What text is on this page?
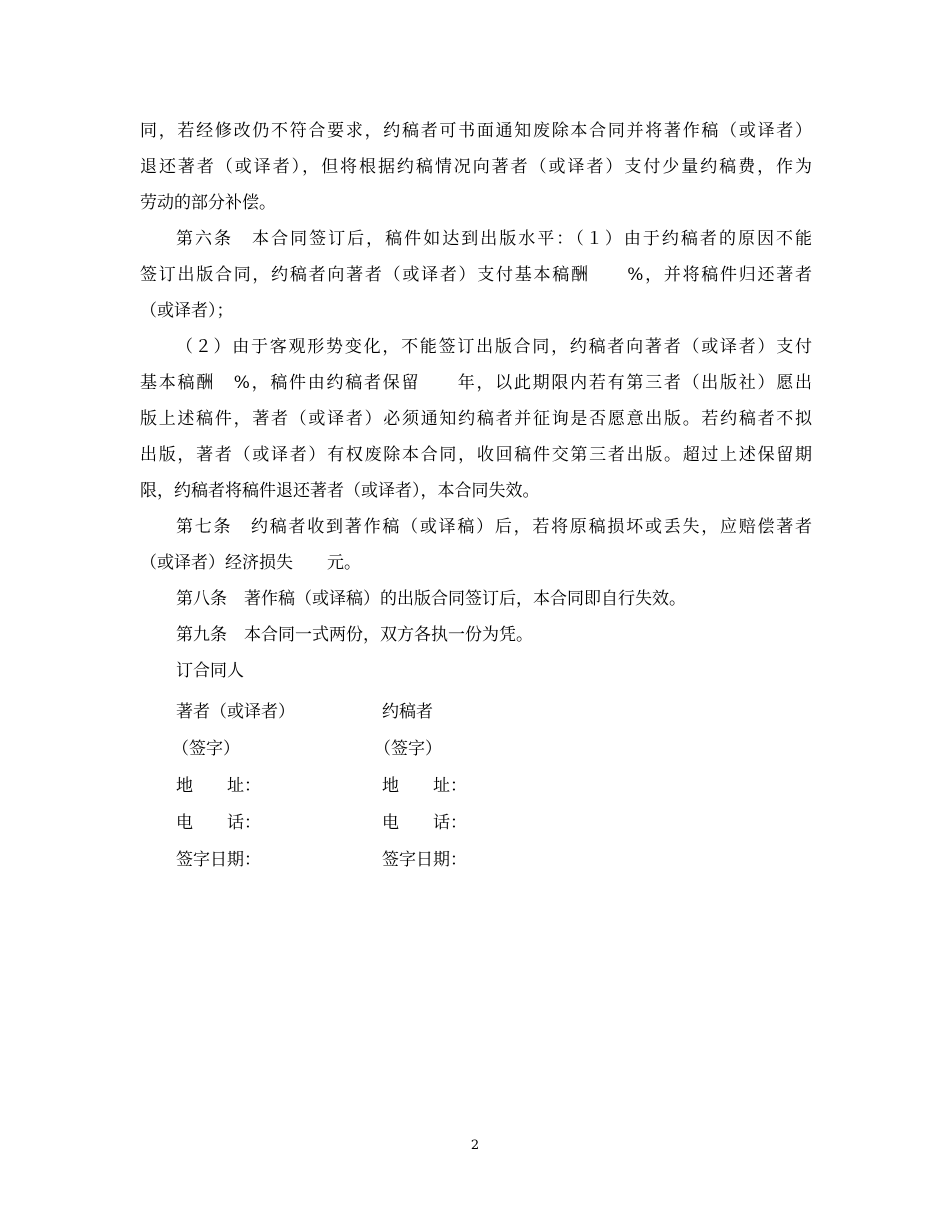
同，若经修改仍不符合要求，约稿者可书面通知废除本合同并将著作稿（或译者）
退还著者（或译者），但将根据约稿情况向著者（或译者）支付少量约稿费，作为
劳动的部分补偿。
第六条　本合同签订后，稿件如达到出版水平：（１）由于约稿者的原因不能
签订出版合同，约稿者向著者（或译者）支付基本稿酬　　%，并将稿件归还著者
（或译者）；
（２）由于客观形势变化，不能签订出版合同，约稿者向著者（或译者）支付
基本稿酬　%，稿件由约稿者保留　　年，以此期限内若有第三者（出版社）愿出
版上述稿件，著者（或译者）必须通知约稿者并征询是否愿意出版。若约稿者不拟
出版，著者（或译者）有权废除本合同，收回稿件交第三者出版。超过上述保留期
限，约稿者将稿件退还著者（或译者），本合同失效。
第七条　约稿者收到著作稿（或译稿）后，若将原稿损坏或丢失，应赔偿著者
（或译者）经济损失　　元。
第八条　著作稿（或译稿）的出版合同签订后，本合同即自行失效。
第九条　本合同一式两份，双方各执一份为凭。
订合同人
著者（或译者）	约稿者
（签字）	（签字）
地　　址：	地　　址：
电　　话：	电　　话：
签字日期：	签字日期：
2
